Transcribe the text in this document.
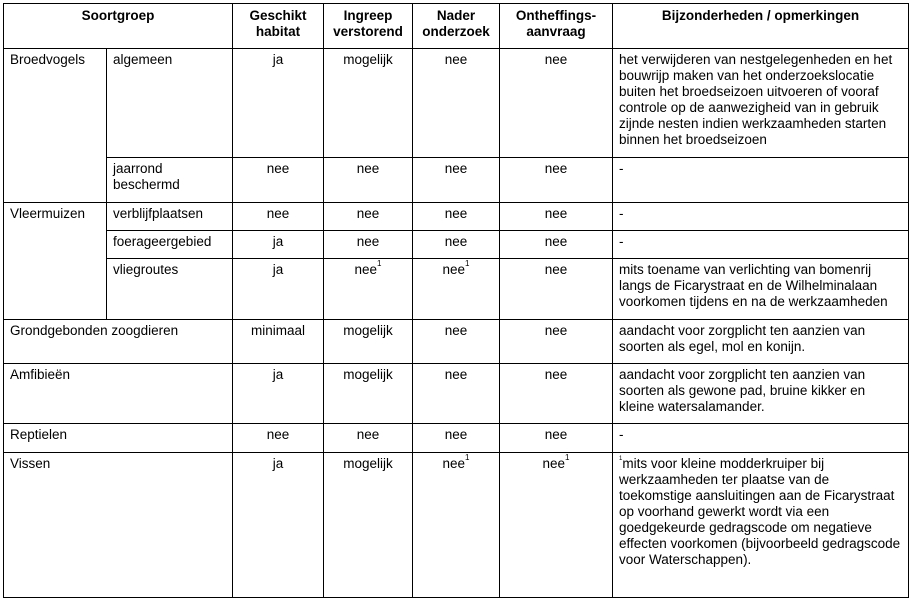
Soortgroep		Geschikt habitat	Ingreep verstorend	Nader onderzoek	Ontheffings-aanvraag	Bijzonderheden / opmerkingen
Broedvogels	algemeen	ja	mogelijk	nee	nee	het verwijderen van nestgelegenheden en het bouwrijp maken van het onderzoekslocatie buiten het broedseizoen uitvoeren of vooraf controle op de aanwezigheid van in gebruik zijnde nesten indien werkzaamheden starten binnen het broedseizoen
	jaarrond beschermd	nee	nee	nee	nee	-
Vleermuizen	verblijfplaatsen	nee	nee	nee	nee	-
	foerageergebied	ja	nee	nee	nee	-
	vliegroutes	ja	nee$^1$	nee$^1$	nee	mits toename van verlichting van bomenrij langs de Ficarystraat en de Wilhelminalaan voorkomen tijdens en na de werkzaamheden
Grondgebonden zoogdieren		minimaal	mogelijk	nee	nee	aandacht voor zorgplicht ten aanzien van soorten als egel, mol en konijn.
Amfibieën		ja	mogelijk	nee	nee	aandacht voor zorgplicht ten aanzien van soorten als gewone pad, bruine kikker en kleine watersalamander.
Reptielen		nee	nee	nee	nee	-
Vissen		ja	mogelijk	nee$^1$	nee$^1$	$^1$mits voor kleine modderkruiper bij werkzaamheden ter plaatse van de toekomstige aansluitingen aan de Ficarystraat op voorhand gewerkt wordt via een goedgekeurde gedragscode om negatieve effecten voorkomen (bijvoorbeeld gedragscode voor Waterschappen).
